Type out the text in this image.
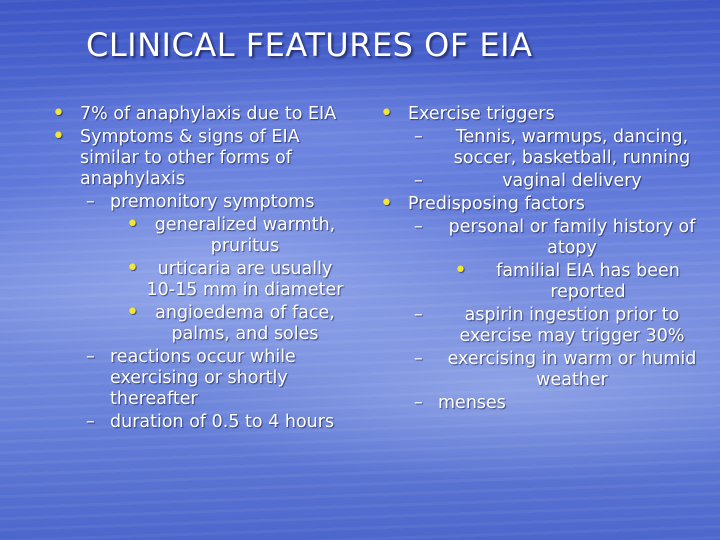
CLINICAL FEATURES OF EIA
• 7% of anaphylaxis due to EIA
• Symptoms & signs of EIA similar to other forms of anaphylaxis
– premonitory symptoms
• generalized warmth, pruritus
• urticaria are usually 10-15 mm in diameter
• angioedema of face, palms, and soles
– reactions occur while exercising or shortly thereafter
– duration of 0.5 to 4 hours
• Exercise triggers
– Tennis, warmups, dancing, soccer, basketball, running
– vaginal delivery
• Predisposing factors
– personal or family history of atopy
• familial EIA has been reported
– aspirin ingestion prior to exercise may trigger 30%
– exercising in warm or humid weather
– menses
